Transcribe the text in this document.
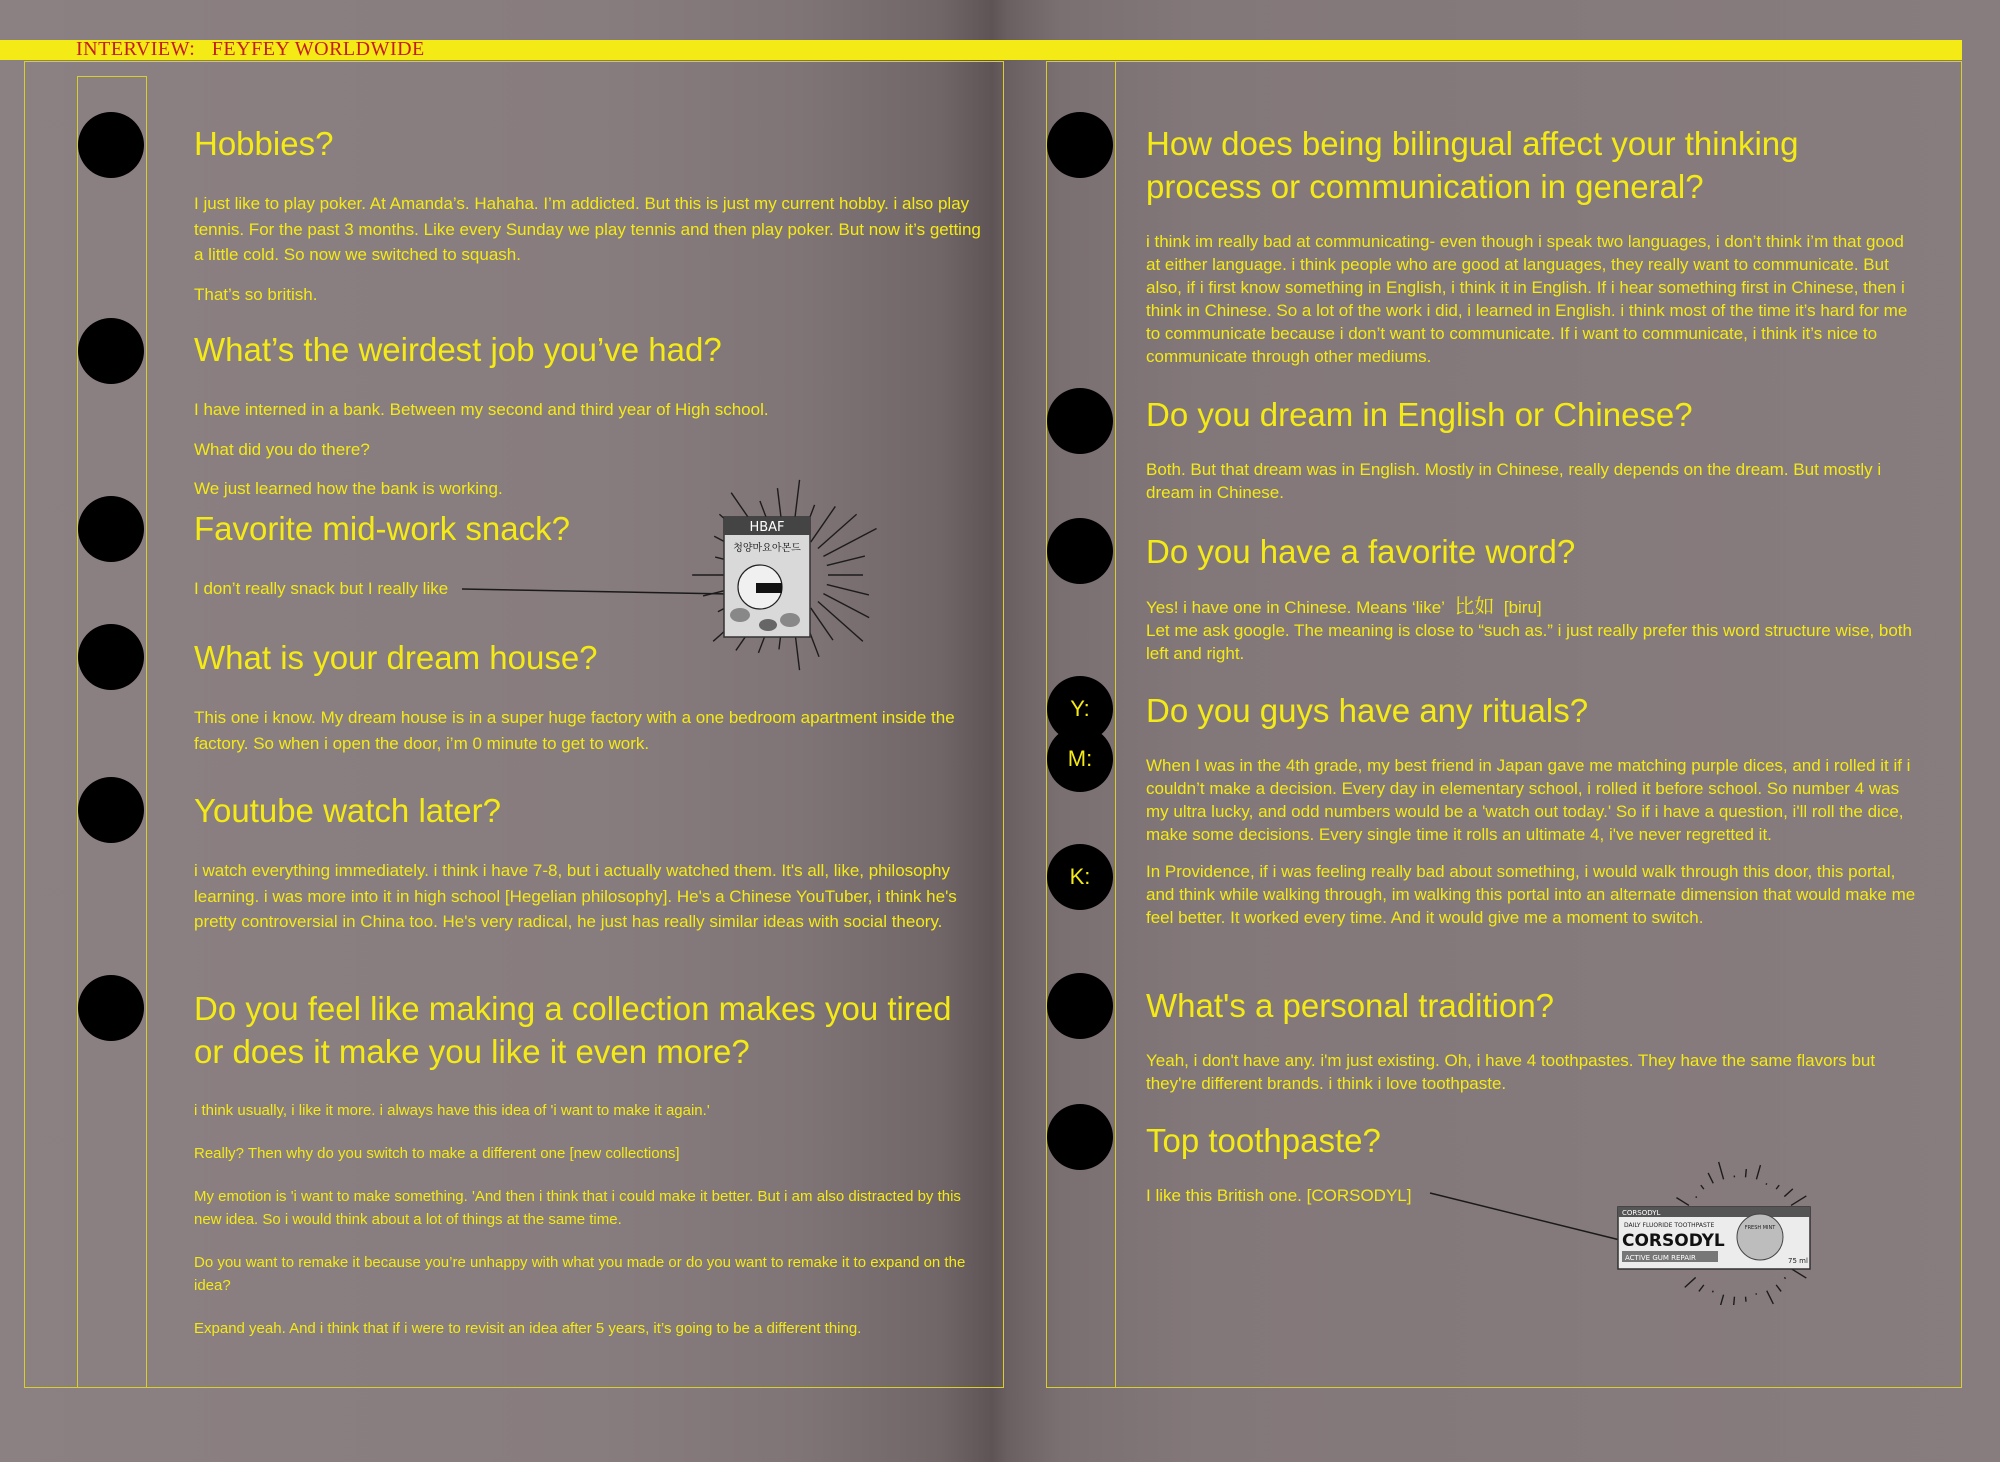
INTERVIEW:   FEYFEY WORLDWIDE
Y:
M:
K:
Hobbies?

I just like to play poker. At Amanda’s. Hahaha. I’m addicted. But this is just my current hobby. i also play tennis. For the past 3 months. Like every Sunday we play tennis and then play poker. But now it’s getting a little cold. So now we switched to squash.

That’s so british.

What’s the weirdest job you’ve had?

I have interned in a bank. Between my second and third year of High school.

What did you do there?

We just learned how the bank is working.

Favorite mid-work snack?

I don’t really snack but I really like

What is your dream house?

This one i know. My dream house is in a super huge factory with a one bedroom apartment inside the factory. So when i open the door, i’m 0 minute to get to work.

Youtube watch later?

i watch everything immediately. i think i have 7-8, but i actually watched them. It's all, like, philosophy learning. i was more into it in high school [Hegelian philosophy]. He's a Chinese YouTuber, i think he's pretty controversial in China too. He's very radical, he just has really similar ideas with social theory.

Do you feel like making a collection makes you tired or does it make you like it even more?

i think usually, i like it more. i always have this idea of 'i want to make it again.'

Really? Then why do you switch to make a different one [new collections]

My emotion is 'i want to make something. 'And then i think that i could make it better. But i am also distracted by this new idea. So i would think about a lot of things at the same time.

Do you want to remake it because you’re unhappy with what you made or do you want to remake it to expand on the idea?

Expand yeah. And i think that if i were to revisit an idea after 5 years, it’s going to be a different thing.

HBAF
청양마요아몬드
How does being bilingual affect your thinking process or communication in general?

i think im really bad at communicating- even though i speak two languages, i don’t think i’m that good at either language. i think people who are good at languages, they really want to communicate. But also, if i first know something in English, i think it in English. If i hear something first in Chinese, then i think in Chinese. So a lot of the work i did, i learned in English. i think most of the time it’s hard for me to communicate because i don’t want to communicate. If i want to communicate, i think it’s nice to communicate through other mediums.

Do you dream in English or Chinese?

Both. But that dream was in English. Mostly in Chinese, really depends on the dream. But mostly i dream in Chinese.

Do you have a favorite word?

Yes! i have one in Chinese. Means ‘like’ 比如 [biru]

Let me ask google. The meaning is close to “such as.” i just really prefer this word structure wise, both left and right.

Do you guys have any rituals?

When I was in the 4th grade, my best friend in Japan gave me matching purple dices, and i rolled it if i couldn’t make a decision. Every day in elementary school, i rolled it before school. So number 4 was my ultra lucky, and odd numbers would be a 'watch out today.' So if i have a question, i'll roll the dice, make some decisions. Every single time it rolls an ultimate 4, i've never regretted it.

In Providence, if i was feeling really bad about something, i would walk through this door, this portal, and think while walking through, im walking this portal into an alternate dimension that would make me feel better. It worked every time. And it would give me a moment to switch.

What's a personal tradition?

Yeah, i don't have any. i'm just existing. Oh, i have 4 toothpastes. They have the same flavors but they're different brands. i think i love toothpaste.

Top toothpaste?

I like this British one. [CORSODYL]

CORSODYL
DAILY FLUORIDE TOOTHPASTE
CORSODYL
ACTIVE GUM REPAIR
FRESH MINT
75 ml
